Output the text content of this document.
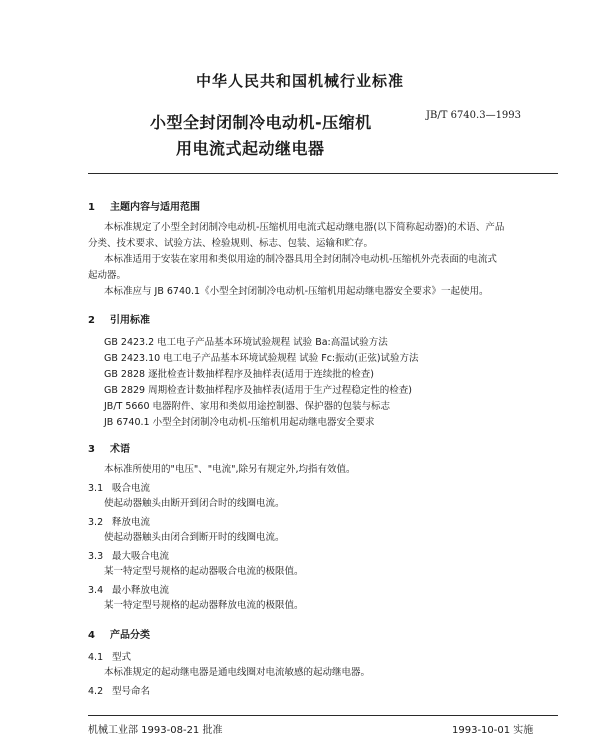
中华人民共和国机械行业标准
小型全封闭制冷电动机-压缩机
用电流式起动继电器
JB/T 6740.3—1993
1 主题内容与适用范围
本标准规定了小型全封闭制冷电动机-压缩机用电流式起动继电器(以下简称起动器)的术语、产品
分类、技术要求、试验方法、检验规则、标志、包装、运输和贮存。
本标准适用于安装在家用和类似用途的制冷器具用全封闭制冷电动机-压缩机外壳表面的电流式
起动器。
本标准应与 JB 6740.1《小型全封闭制冷电动机-压缩机用起动继电器安全要求》一起使用。
2 引用标准
GB 2423.2 电工电子产品基本环境试验规程 试验 Ba:高温试验方法
GB 2423.10 电工电子产品基本环境试验规程 试验 Fc:振动(正弦)试验方法
GB 2828 逐批检查计数抽样程序及抽样表(适用于连续批的检查)
GB 2829 周期检查计数抽样程序及抽样表(适用于生产过程稳定性的检查)
JB/T 5660 电器附件、家用和类似用途控制器、保护器的包装与标志
JB 6740.1 小型全封闭制冷电动机-压缩机用起动继电器安全要求
3 术语
本标准所使用的"电压"、"电流",除另有规定外,均指有效值。
3.1 吸合电流
使起动器触头由断开到闭合时的线圈电流。
3.2 释放电流
使起动器触头由闭合到断开时的线圈电流。
3.3 最大吸合电流
某一特定型号规格的起动器吸合电流的极限值。
3.4 最小释放电流
某一特定型号规格的起动器释放电流的极限值。
4 产品分类
4.1 型式
本标准规定的起动继电器是通电线圈对电流敏感的起动继电器。
4.2 型号命名
机械工业部 1993-08-21 批准	1993-10-01 实施
